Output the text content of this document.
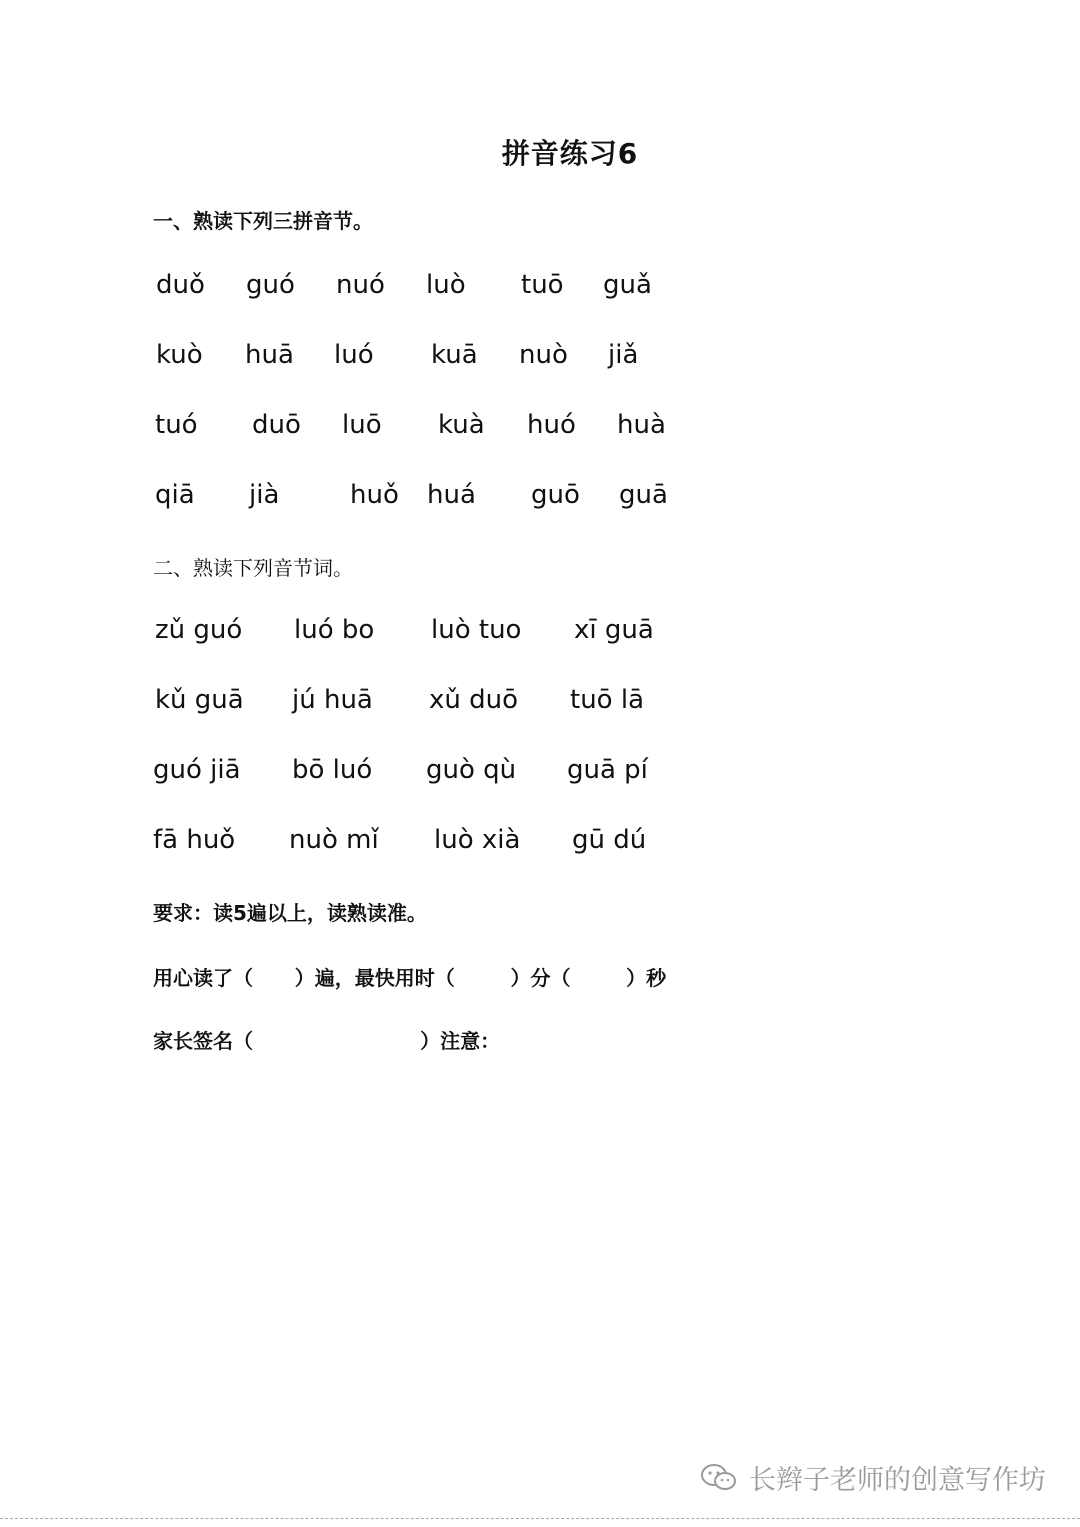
拼音练习6
一、熟读下列三拼音节。
duǒ guó nuó luò tuō guǎ
kuò huā luó kuā nuò jiǎ
tuó duō luō kuà huó huà
qiā jià	huǒ huá guō guā
二、熟读下列音节词。
zǔ guó luó bo luò tuo xī guā
kǔ guā jú huā xǔ duō tuō lā
guó jiā bō luó guò qù guā pí
fā huǒ nuò mǐ luò xià gū dú
要求：读5遍以上，读熟读准。
用心读了（      ）遍，最快用时（        ）分（        ）秒
家长签名（                        ）注意：
长辫子老师的创意写作坊
